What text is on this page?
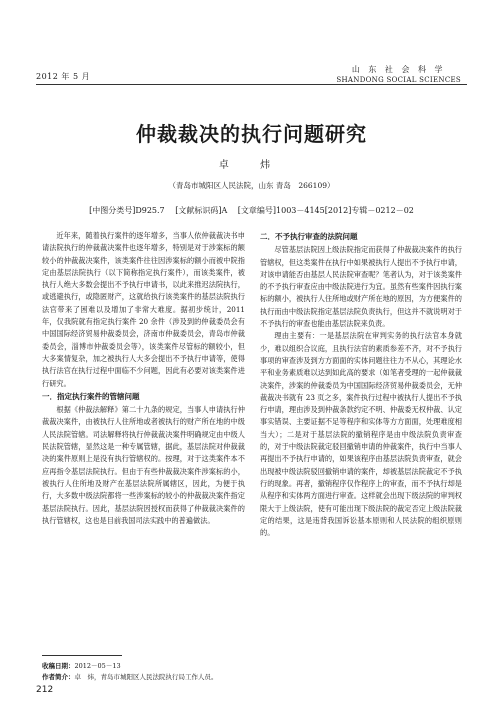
2012 年 5 月
山 东 社 会 科 学
SHANDONG SOCIAL SCIENCES
仲裁裁决的执行问题研究
卓 炜
（青岛市城阳区人民法院，山东 青岛　266109）
[中图分类号]D925.7 [文献标识码]A [文章编号]1003－4145[2012]专辑－0212－02

近年来，随着执行案件的逐年增多，当事人依仲裁裁决书申请法院执行的仲裁裁决案件也逐年增多，特别是对于涉案标的额较小的仲裁裁决案件，该类案件往往因涉案标的额小而被中院指定由基层法院执行（以下简称指定执行案件），而该类案件，被执行人绝大多数会提出不予执行申请书，以此来推迟法院执行，或逃避执行，或隐匿财产，这就给执行该类案件的基层法院执行法官带来了困难以及增加了非常大难度。据初步统计，2011年，仅我院就有指定执行案件 20 余件（涉及到的仲裁委员会有中国国际经济贸易仲裁委员会，济南市仲裁委员会，青岛市仲裁委员会，淄博市仲裁委员会等），该类案件尽管标的额较小，但大多案情复杂，加之被执行人大多会提出不予执行申请等，使得执行法官在执行过程中面临不少问题，因此有必要对该类案件进行研究。

一．指定执行案件的管辖问题

根据《仲裁法解释》第二十九条的规定，当事人申请执行仲裁裁决案件，由被执行人住所地或者被执行的财产所在地的中级人民法院管辖。司法解释将执行仲裁裁决案件明确规定由中级人民法院管辖，显然这是一种专属管辖，据此，基层法院对仲裁裁决的案件原则上是没有执行管辖权的。按理，对于这类案件本不应再指令基层法院执行。但由于有些仲裁裁决案件涉案标的小，被执行人住所地及财产在基层法院所属辖区，因此，为便于执行，大多数中级法院都将一些涉案标的较小的仲裁裁决案件指定基层法院执行。因此，基层法院因授权而获得了仲裁裁决案件的执行管辖权，这也是目前我国司法实践中的普遍做法。

二．不予执行审查的法院问题

尽管基层法院因上级法院指定而获得了仲裁裁决案件的执行管辖权，但这类案件在执行中如果被执行人提出不予执行申请，对该申请能否由基层人民法院审查呢？笔者认为，对于该类案件的不予执行审查应由中级法院进行为宜。虽然有些案件因执行案标的额小，被执行人住所地或财产所在地的原因，为方便案件的执行而由中级法院指定基层法院负责执行，但这并不就说明对于不予执行的审查也能由基层法院来负责。

理由主要有：一是基层法院在审判实务的执行法官本身就少，难以组织合议庭，且执行法官的素质参差不齐，对不予执行事项的审查涉及到方方面面的实体问题往往力不从心，其理论水平和业务素质难以达到如此高的要求（如笔者受理的一起仲裁裁决案件，涉案的仲裁委员为中国国际经济贸易仲裁委员会，无仲裁裁决书就有 23 页之多，案件执行过程中被执行人提出不予执行申请，理由涉及到仲裁条款约定不明、仲裁委无权仲裁、认定事实错误、主要证据不足等程序和实体等方方面面，处理难度相当大）；二是对于基层法院的撤销程序是由中级法院负责审查的，对于中级法院裁定驳回撤销申请的仲裁案件，执行中当事人再提出不予执行申请的，如果该程序由基层法院负责审查，就会出现被中级法院驳回撤销申请的案件，却被基层法院裁定不予执行的现象。再者，撤销程序仅作程序上的审查，而不予执行却是从程序和实体两方面进行审查。这样就会出现下级法院的审判权限大于上级法院，使有可能出现下级法院的裁定否定上级法院裁定的结果，这是违背我国诉讼基本原则和人民法院的组织原则的。

收稿日期：2012－05－13
作者简介：卓　炜，青岛市城阳区人民法院执行局工作人员。
212
